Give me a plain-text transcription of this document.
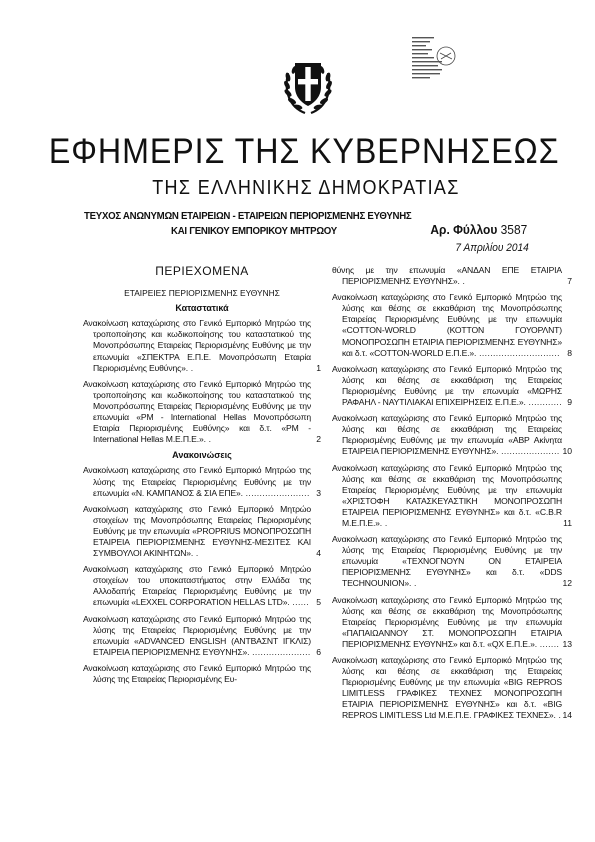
ΕΦΗΜΕΡΙΣ ΤΗΣ ΚΥΒΕΡΝΗΣΕΩΣ
ΤΗΣ ΕΛΛΗΝΙΚΗΣ ΔΗΜΟΚΡΑΤΙΑΣ
ΤΕΥΧΟΣ ΑΝΩΝΥΜΩΝ ΕΤΑΙΡΕΙΩΝ - ΕΤΑΙΡΕΙΩΝ ΠΕΡΙΟΡΙΣΜΕΝΗΣ ΕΥΘΥΝΗΣ
ΚΑΙ ΓΕΝΙΚΟΥ ΕΜΠΟΡΙΚΟΥ ΜΗΤΡΩΟΥ	Αρ. Φύλλου 3587
7 Απριλίου 2014
ΠΕΡΙΕΧΟΜΕΝΑ
ΕΤΑΙΡΕΙΕΣ ΠΕΡΙΟΡΙΣΜΕΝΗΣ ΕΥΘΥΝΗΣ
Καταστατικά
Ανακοίνωση καταχώρισης στο Γενικό Εμπορικό Μητρώο της τροποποίησης και κωδικοποίησης του καταστατικού της Μονοπρόσωπης Εταιρείας Περιορισμένης Ευθύνης με την επωνυμία «ΣΠΕΚΤΡΑ Ε.Π.Ε. Μονοπρόσωπη Εταιρία Περιορισμένης Ευθύνης». .	1
Ανακοίνωση καταχώρισης στο Γενικό Εμπορικό Μητρώο της τροποποίησης και κωδικοποίησης του καταστατικού της Μονοπρόσωπης Εταιρείας Περιορισμένης Ευθύνης με την επωνυμία «PM - International Hellas Μονοπρόσωπη Εταιρία Περιορισμένης Ευθύνης» και δ.τ. «PM - International Hellas Μ.Ε.Π.Ε.». .	2
Ανακοινώσεις
Ανακοίνωση καταχώρισης στο Γενικό Εμπορικό Μητρώο της λύσης της Εταιρείας Περιορισμένης Ευθύνης με την επωνυμία «Ν. ΚΑΜΠΑΝΟΣ & ΣΙΑ ΕΠΕ». ....................... 3
Ανακοίνωση καταχώρισης στο Γενικό Εμπορικό Μητρώο στοιχείων της Μονοπρόσωπης Εταιρείας Περιορισμένης Ευθύνης με την επωνυμία «PROPRIUS ΜΟΝΟΠΡΟΣΩΠΗ ΕΤΑΙΡΕΙΑ ΠΕΡΙΟΡΙΣΜΕΝΗΣ ΕΥΘΥΝΗΣ-ΜΕΣΙΤΕΣ ΚΑΙ ΣΥΜΒΟΥΛΟΙ ΑΚΙΝΗΤΩΝ». .	4
Ανακοίνωση καταχώρισης στο Γενικό Εμπορικό Μητρώο στοιχείων του υποκαταστήματος στην Ελλάδα της Αλλοδαπής Εταιρείας Περιορισμένης Ευθύνης με την επωνυμία «LEXXEL CORPORATION HELLAS LTD». ...... 5
Ανακοίνωση καταχώρισης στο Γενικό Εμπορικό Μητρώο της λύσης της Εταιρείας Περιορισμένης Ευθύνης με την επωνυμία «ADVANCED ENGLISH (ΑΝΤΒΑΣΝΤ ΙΓΚΛΙΣ) ΕΤΑΙΡΕΙΑ ΠΕΡΙΟΡΙΣΜΕΝΗΣ ΕΥΘΥΝΗΣ». ..................... 6
Ανακοίνωση καταχώρισης στο Γενικό Εμπορικό Μητρώο της λύσης της Εταιρείας Περιορισμένης Ευ-
θύνης με την επωνυμία «ΑΝΔΑΝ ΕΠΕ ΕΤΑΙΡΙΑ ΠΕΡΙΟΡΙΣΜΕΝΗΣ ΕΥΘΥΝΗΣ». .	7
Ανακοίνωση καταχώρισης στο Γενικό Εμπορικό Μητρώο της λύσης και θέσης σε εκκαθάριση της Μονοπρόσωπης Εταιρείας Περιορισμένης Ευθύνης με την επωνυμία «COTTON-WORLD (ΚΟΤΤΟΝ ΓΟΥΟΡΛΝΤ) ΜΟΝΟΠΡΟΣΩΠΗ ΕΤΑΙΡΙΑ ΠΕΡΙΟΡΙΣΜΕΝΗΣ ΕΥΘΥΝΗΣ» και δ.τ. «COTTON-WORLD Ε.Π.Ε.». ............................. 8
Ανακοίνωση καταχώρισης στο Γενικό Εμπορικό Μητρώο της λύσης και θέσης σε εκκαθάριση της Εταιρείας Περιορισμένης Ευθύνης με την επωνυμία «ΜΩΡΗΣ ΡΑΦΑΗΛ - ΝΑΥΤΙΛΙΑΚΑΙ ΕΠΙΧΕΙΡΗΣΕΙΣ Ε.Π.Ε.». ............ 9
Ανακοίνωση καταχώρισης στο Γενικό Εμπορικό Μητρώο της λύσης και θέσης σε εκκαθάριση της Εταιρείας Περιορισμένης Ευθύνης με την επωνυμία «ΑΒΡ Ακίνητα ΕΤΑΙΡΕΙΑ ΠΕΡΙΟΡΙΣΜΕΝΗΣ ΕΥΘΥΝΗΣ». ..................... 10
Ανακοίνωση καταχώρισης στο Γενικό Εμπορικό Μητρώο της λύσης και θέσης σε εκκαθάριση της Μονοπρόσωπης Εταιρείας Περιορισμένης Ευθύνης με την επωνυμία «ΧΡΙΣΤΟΦΗ ΚΑΤΑΣΚΕΥΑΣΤΙΚΗ ΜΟΝΟΠΡΟΣΩΠΗ ΕΤΑΙΡΕΙΑ ΠΕΡΙΟΡΙΣΜΕΝΗΣ ΕΥΘΥΝΗΣ» και δ.τ. «C.B.R Μ.Ε.Π.Ε.». .	11
Ανακοίνωση καταχώρισης στο Γενικό Εμπορικό Μητρώο της λύσης της Εταιρείας Περιορισμένης Ευθύνης με την επωνυμία «ΤΕΧΝΟΓΝΟΥΝ ΟΝ ΕΤΑΙΡΕΙΑ ΠΕΡΙΟΡΙΣΜΕΝΗΣ ΕΥΘΥΝΗΣ» και δ.τ. «DDS TECHNOUNION». .	12
Ανακοίνωση καταχώρισης στο Γενικό Εμπορικό Μητρώο της λύσης και θέσης σε εκκαθάριση της Μονοπρόσωπης Εταιρείας Περιορισμένης Ευθύνης με την επωνυμία «ΠΑΠΑΙΩΑΝΝΟΥ ΣΤ. ΜΟΝΟΠΡΟΣΩΠΗ ΕΤΑΙΡΙΑ ΠΕΡΙΟΡΙΣΜΕΝΗΣ ΕΥΘΥΝΗΣ» και δ.τ. «QX Ε.Π.Ε.». ....... 13
Ανακοίνωση καταχώρισης στο Γενικό Εμπορικό Μητρώο της λύσης και θέσης σε εκκαθάριση της Εταιρείας Περιορισμένης Ευθύνης με την επωνυμία «BIG REPROS LIMITLESS ΓΡΑΦΙΚΕΣ ΤΕΧΝΕΣ ΜΟΝΟΠΡΟΣΩΠΗ ΕΤΑΙΡΙΑ ΠΕΡΙΟΡΙΣΜΕΝΗΣ ΕΥΘΥΝΗΣ» και δ.τ. «BIG REPROS LIMITLESS Ltd Μ.Ε.Π.Ε. ΓΡΑΦΙΚΕΣ ΤΕΧΝΕΣ». . 14
